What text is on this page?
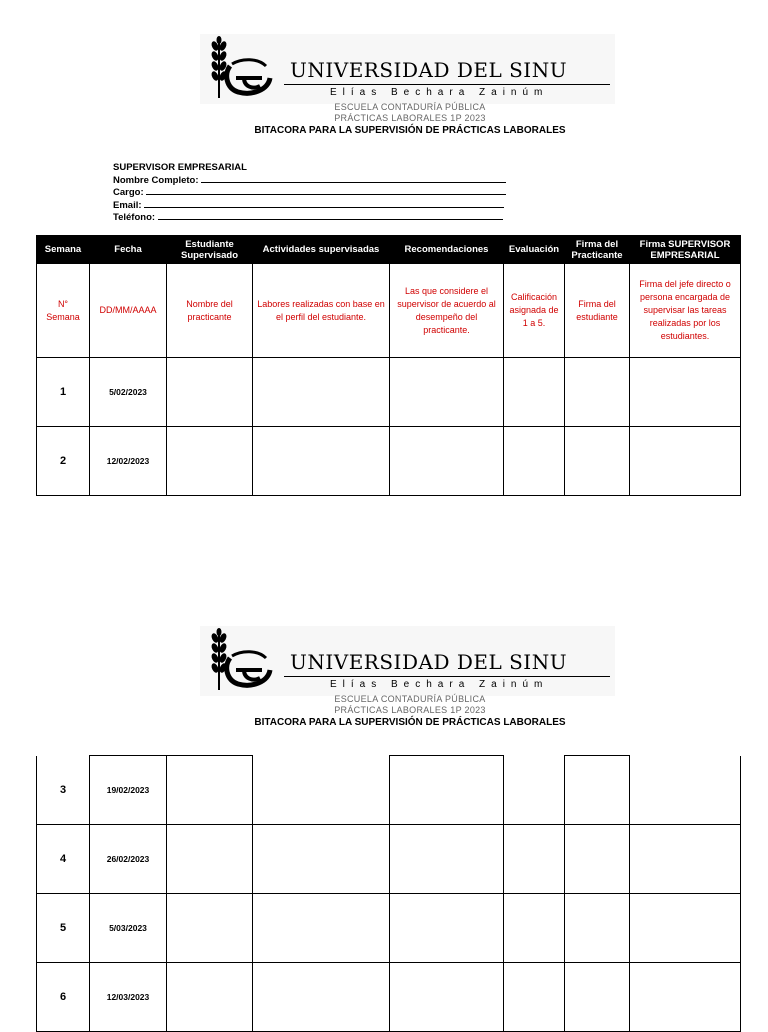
UNIVERSIDAD DEL SINU
Elías Bechara Zainúm
ESCUELA CONTADURÍA PÚBLICA
PRÁCTICAS LABORALES 1P 2023
BITACORA PARA LA SUPERVISIÓN DE PRÁCTICAS LABORALES
SUPERVISOR EMPRESARIAL
Nombre Completo:
Cargo:
Email:
Teléfono:
Semana	Fecha	Estudiante Supervisado	Actividades supervisadas	Recomendaciones	Evaluación	Firma del Practicante	Firma SUPERVISOR EMPRESARIAL
N° Semana	DD/MM/AAAA	Nombre del practicante	Labores realizadas con base en el perfil del estudiante.	Las que considere el supervisor de acuerdo al desempeño del practicante.	Calificación asignada de 1 a 5.	Firma del estudiante	Firma del jefe directo o persona encargada de supervisar las tareas realizadas por los estudiantes.
1	5/02/2023						
2	12/02/2023						
UNIVERSIDAD DEL SINU
Elías Bechara Zainúm
ESCUELA CONTADURÍA PÚBLICA
PRÁCTICAS LABORALES 1P 2023
BITACORA PARA LA SUPERVISIÓN DE PRÁCTICAS LABORALES
3	19/02/2023						
4	26/02/2023						
5	5/03/2023						
6	12/03/2023						
